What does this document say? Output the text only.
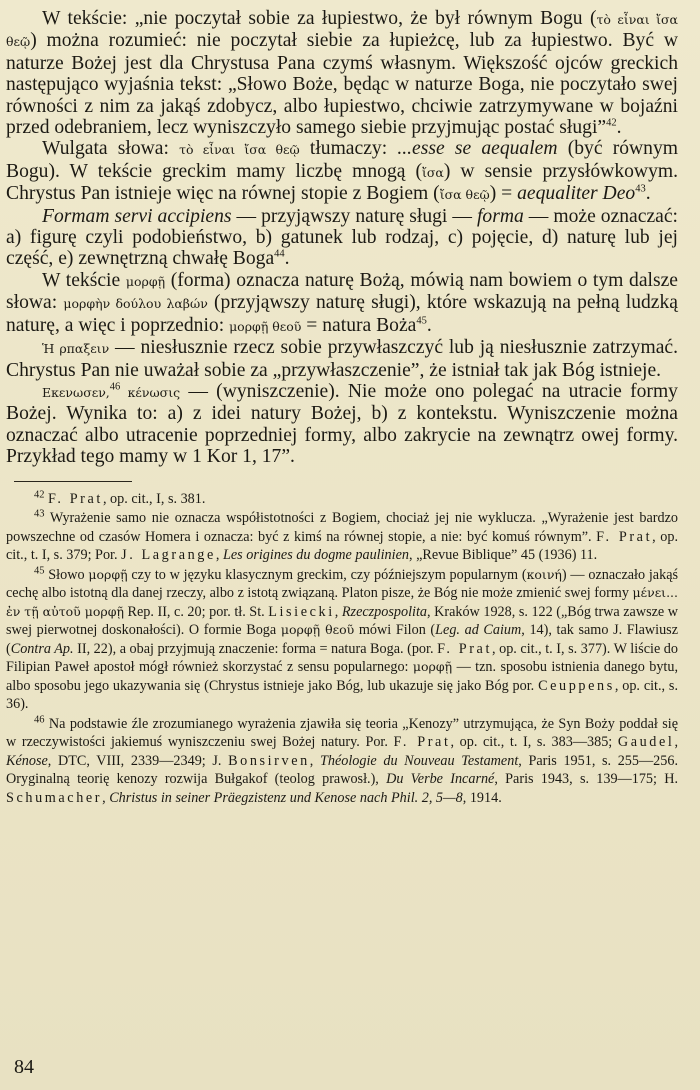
W tekście: „nie poczytał sobie za łupiestwo, że był równym Bogu (τὸ εἶναι ἴσα θεῷ) można rozumieć: nie poczytał siebie za łupieżcę, lub za łupiestwo. Być w naturze Bożej jest dla Chrystusa Pana czymś własnym. Większość ojców greckich następująco wyjaśnia tekst: „Słowo Boże, będąc w naturze Boga, nie poczytało swej równości z nim za jakąś zdobycz, albo łupiestwo, chciwie zatrzymywane w bojaźni przed odebraniem, lecz wyniszczyło samego siebie przyjmując postać sługi”$^{42}$.

Wulgata słowa: τὸ εἶναι ἴσα θεῷ tłumaczy: ...esse se aequalem (być równym Bogu). W tekście greckim mamy liczbę mnogą (ἴσα) w sensie przysłówkowym. Chrystus Pan istnieje więc na równej stopie z Bogiem (ἴσα θεῷ) = aequaliter Deo$^{43}$.

Formam servi accipiens — przyjąwszy naturę sługi — forma — może oznaczać: a) figurę czyli podobieństwo, b) gatunek lub rodzaj, c) pojęcie, d) naturę lub jej część, e) zewnętrzną chwałę Boga$^{44}$.

W tekście μορφῇ (forma) oznacza naturę Bożą, mówią nam bowiem o tym dalsze słowa: μορφὴν δούλου λαβών (przyjąwszy naturę sługi), które wskazują na pełną ludzką naturę, a więc i poprzednio: μορφῇ θεοῦ = natura Boża$^{45}$.

Ἡ ρπαξειν — niesłusznie rzecz sobie przywłaszczyć lub ją niesłusznie zatrzymać. Chrystus Pan nie uważał sobie za „przywłaszczenie”, że istniał tak jak Bóg istnieje.

Εκενωσεν,$^{46}$ κένωσις — (wyniszczenie). Nie może ono polegać na utracie formy Bożej. Wynika to: a) z idei natury Bożej, b) z kontekstu. Wyniszczenie można oznaczać albo utracenie poprzedniej formy, albo zakrycie na zewnątrz owej formy. Przykład tego mamy w 1 Kor 1, 17”.

$^{42}$ F. Prat, op. cit., I, s. 381.

$^{43}$ Wyrażenie samo nie oznacza współistotności z Bogiem, chociaż jej nie wyklucza. „Wyrażenie jest bardzo powszechne od czasów Homera i oznacza: być z kimś na równej stopie, a nie: być komuś równym”. F. Prat, op. cit., t. I, s. 379; Por. J. Lagrange, Les origines du dogme paulinien, „Revue Biblique” 45 (1936) 11.

$^{45}$ Słowo μορφῇ czy to w języku klasycznym greckim, czy późniejszym popularnym (κοινή) — oznaczało jakąś cechę albo istotną dla danej rzeczy, albo z istotą związaną. Platon pisze, że Bóg nie może zmienić swej formy μένει... ἐν τῇ αὐτοῦ μορφῇ Rep. II, c. 20; por. tł. St. Lisiecki, Rzeczpospolita, Kraków 1928, s. 122 („Bóg trwa zawsze w swej pierwotnej doskonałości). O formie Boga μορφῇ θεοῦ mówi Filon (Leg. ad Caium, 14), tak samo J. Flawiusz (Contra Ap. II, 22), a obaj przyjmują znaczenie: forma = natura Boga. (por. F. Prat, op. cit., t. I, s. 377). W liście do Filipian Paweł apostoł mógł również skorzystać z sensu popularnego: μορφῇ — tzn. sposobu istnienia danego bytu, albo sposobu jego ukazywania się (Chrystus istnieje jako Bóg, lub ukazuje się jako Bóg por. Ceuppens, op. cit., s. 36).

$^{46}$ Na podstawie źle zrozumianego wyrażenia zjawiła się teoria „Kenozy” utrzymująca, że Syn Boży poddał się w rzeczywistości jakiemuś wyniszczeniu swej Bożej natury. Por. F. Prat, op. cit., t. I, s. 383—385; Gaudel, Kénose, DTC, VIII, 2339—2349; J. Bonsirven, Théologie du Nouveau Testament, Paris 1951, s. 255—256. Oryginalną teorię kenozy rozwija Bułgakof (teolog prawosł.), Du Verbe Incarné, Paris 1943, s. 139—175; H. Schumacher, Christus in seiner Präegzistenz und Kenose nach Phil. 2, 5—8, 1914.

84
